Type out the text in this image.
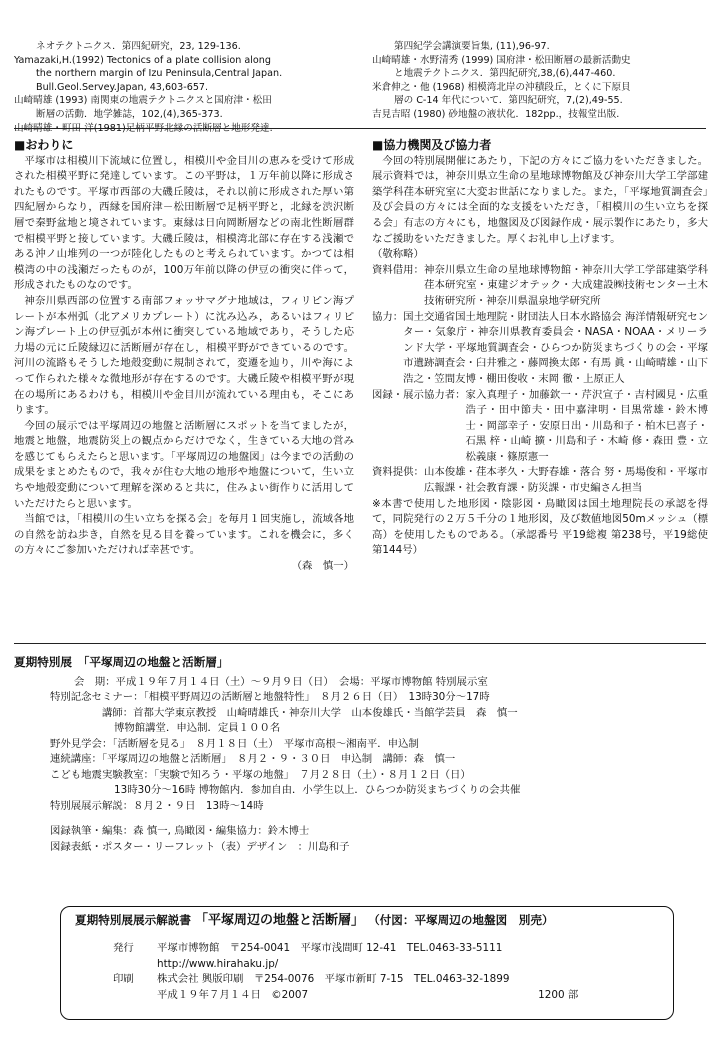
ネオテクトニクス．第四紀研究，23, 129-136.

Yamazaki,H.(1992) Tectonics of a plate collision along

the northern margin of Izu Peninsula,Central Japan.

Bull.Geol.Servey.Japan, 43,603-657.

山崎晴雄 (1993) 南関東の地震テクトニクスと国府津・松田

断層の活動．地学雑誌，102,(4),365-373.

山崎晴雄・町田 洋(1981)足柄平野北縁の活断層と地形発達.

第四紀学会講演要旨集, (11),96-97.

山崎晴雄・水野清秀 (1999) 国府津・松田断層の最新活動史

と地震テクトニクス．第四紀研究,38,(6),447-460.

米倉伸之・他 (1968) 相模湾北岸の沖積段丘，とくに下原貝

層の C-14 年代について．第四紀研究，7,(2),49-55.

吉見吉昭 (1980) 砂地盤の液状化．182pp.，技報堂出版.

■おわりに

平塚市は相模川下流域に位置し，相模川や金目川の恵みを受けて形成された相模平野に発達しています。この平野は，１万年前以降に形成されたものです。平塚市西部の大磯丘陵は，それ以前に形成された厚い第四紀層からなり，西縁を国府津－松田断層で足柄平野と，北縁を渋沢断層で秦野盆地と境されています。東縁は日向岡断層などの南北性断層群で相模平野と接しています。大磯丘陵は，相模湾北部に存在する浅瀬である沖ノ山堆列の一つが陸化したものと考えられています。かつては相模湾の中の浅瀬だったものが，100万年前以降の伊豆の衝突に伴って，形成されたものなのです。

神奈川県西部の位置する南部フォッサマグナ地域は，フィリピン海プレートが本州弧（北アメリカプレート）に沈み込み，あるいはフィリピン海プレート上の伊豆弧が本州に衝突している地域であり，そうした応力場の元に丘陵縁辺に活断層が存在し，相模平野ができているのです。河川の流路もそうした地殻変動に規制されて，変遷を辿り，川や海によって作られた様々な微地形が存在するのです。大磯丘陵や相模平野が現在の場所にあるわけも，相模川や金目川が流れている理由も，そこにあります。

今回の展示では平塚周辺の地盤と活断層にスポットを当てましたが，地震と地盤，地震防災上の観点からだけでなく，生きている大地の営みを感じてもらえたらと思います。「平塚周辺の地盤図」は今までの活動の成果をまとめたもので，我々が住む大地の地形や地盤について，生い立ちや地殻変動について理解を深めると共に，住みよい街作りに活用していただけたらと思います。

当館では，「相模川の生い立ちを探る会」を毎月１回実施し，流域各地の自然を訪ね歩き，自然を見る目を養っています。これを機会に，多くの方々にご参加いただければ幸甚です。

（森　慎一）

■協力機関及び協力者

今回の特別展開催にあたり，下記の方々にご協力をいただきました。展示資料では，神奈川県立生命の星地球博物館及び神奈川大学工学部建築学科荏本研究室に大変お世話になりました。また，「平塚地質調査会」及び会員の方々には全面的な支援をいただき，「相模川の生い立ちを探る会」有志の方々にも，地盤図及び図録作成・展示製作にあたり，多大なご援助をいただきました。厚くお礼申し上げます。

（敬称略）

資料借用： 神奈川県立生命の星地球博物館・神奈川大学工学部建築学科荏本研究室・東建ジオテック・大成建設㈱技術センター土木技術研究所・神奈川県温泉地学研究所
協力： 国土交通省国土地理院・財団法人日本水路協会 海洋情報研究センター・気象庁・神奈川県教育委員会・NASA・NOAA・メリーランド大学・平塚地質調査会・ひらつか防災まちづくりの会・平塚市遺跡調査会・臼井雅之・藤岡換太郎・有馬 眞・山崎晴雄・山下浩之・笠間友博・棚田俊收・末岡 徹・上原正人
図録・展示協力者： 家入真理子・加藤欽一・芹沢宣子・吉村國見・広重浩子・田中節夫・田中嘉津明・目黒常雄・鈴木博士・岡部幸子・安原日出・川島和子・柏木巳喜子・石黒 梓・山崎 擴・川島和子・木崎 修・森田 豊・立松義康・篠原憲一
資料提供： 山本俊雄・荏本孝久・大野春雄・落合 努・馬場俊和・平塚市広報課・社会教育課・防災課・市史編さん担当

※本書で使用した地形図・陰影図・鳥瞰図は国土地理院長の承認を得て，同院発行の２万５千分の１地形図，及び数値地図50mメッシュ（標高）を使用したものである。（承認番号 平19総複 第238号，平19総使 第144号）

夏期特別展　「平塚周辺の地盤と活断層」

会　期：平成１９年７月１４日（土）～９月９日（日）　会場：平塚市博物館 特別展示室

特別記念セミナー：「相模平野周辺の活断層と地盤特性」　８月２６日（日）　13時30分～17時

講師：首都大学東京教授　山崎晴雄氏・神奈川大学　山本俊雄氏・当館学芸員　森　慎一

博物館講堂．申込制．定員１００名

野外見学会：「活断層を見る」　８月１８日（土）　平塚市高根～湘南平．申込制

連続講座：「平塚周辺の地盤と活断層」　８月２・９・３０日　申込制　講師：森　慎一

こども地震実験教室：「実験で知ろう・平塚の地盤」　７月２８日（土）・８月１２日（日）

13時30分～16時 博物館内．参加自由．小学生以上．ひらつか防災まちづくりの会共催

特別展展示解説：８月２・９日　13時～14時

図録執筆・編集：森 慎一, 鳥瞰図・編集協力：鈴木博士

図録表紙・ポスター・リーフレット（表）デザイン　：川島和子

夏期特別展展示解説書 「平塚周辺の地盤と活断層」 （付図：平塚周辺の地盤図　別売）

発行 平塚市博物館　〒254-0041　平塚市浅間町 12-41　TEL.0463-33-5111

http://www.hirahaku.jp/

印刷 株式会社 興版印刷　〒254-0076　平塚市新町 7-15　TEL.0463-32-1899

平成１９年７月１４日　©2007	1200 部
